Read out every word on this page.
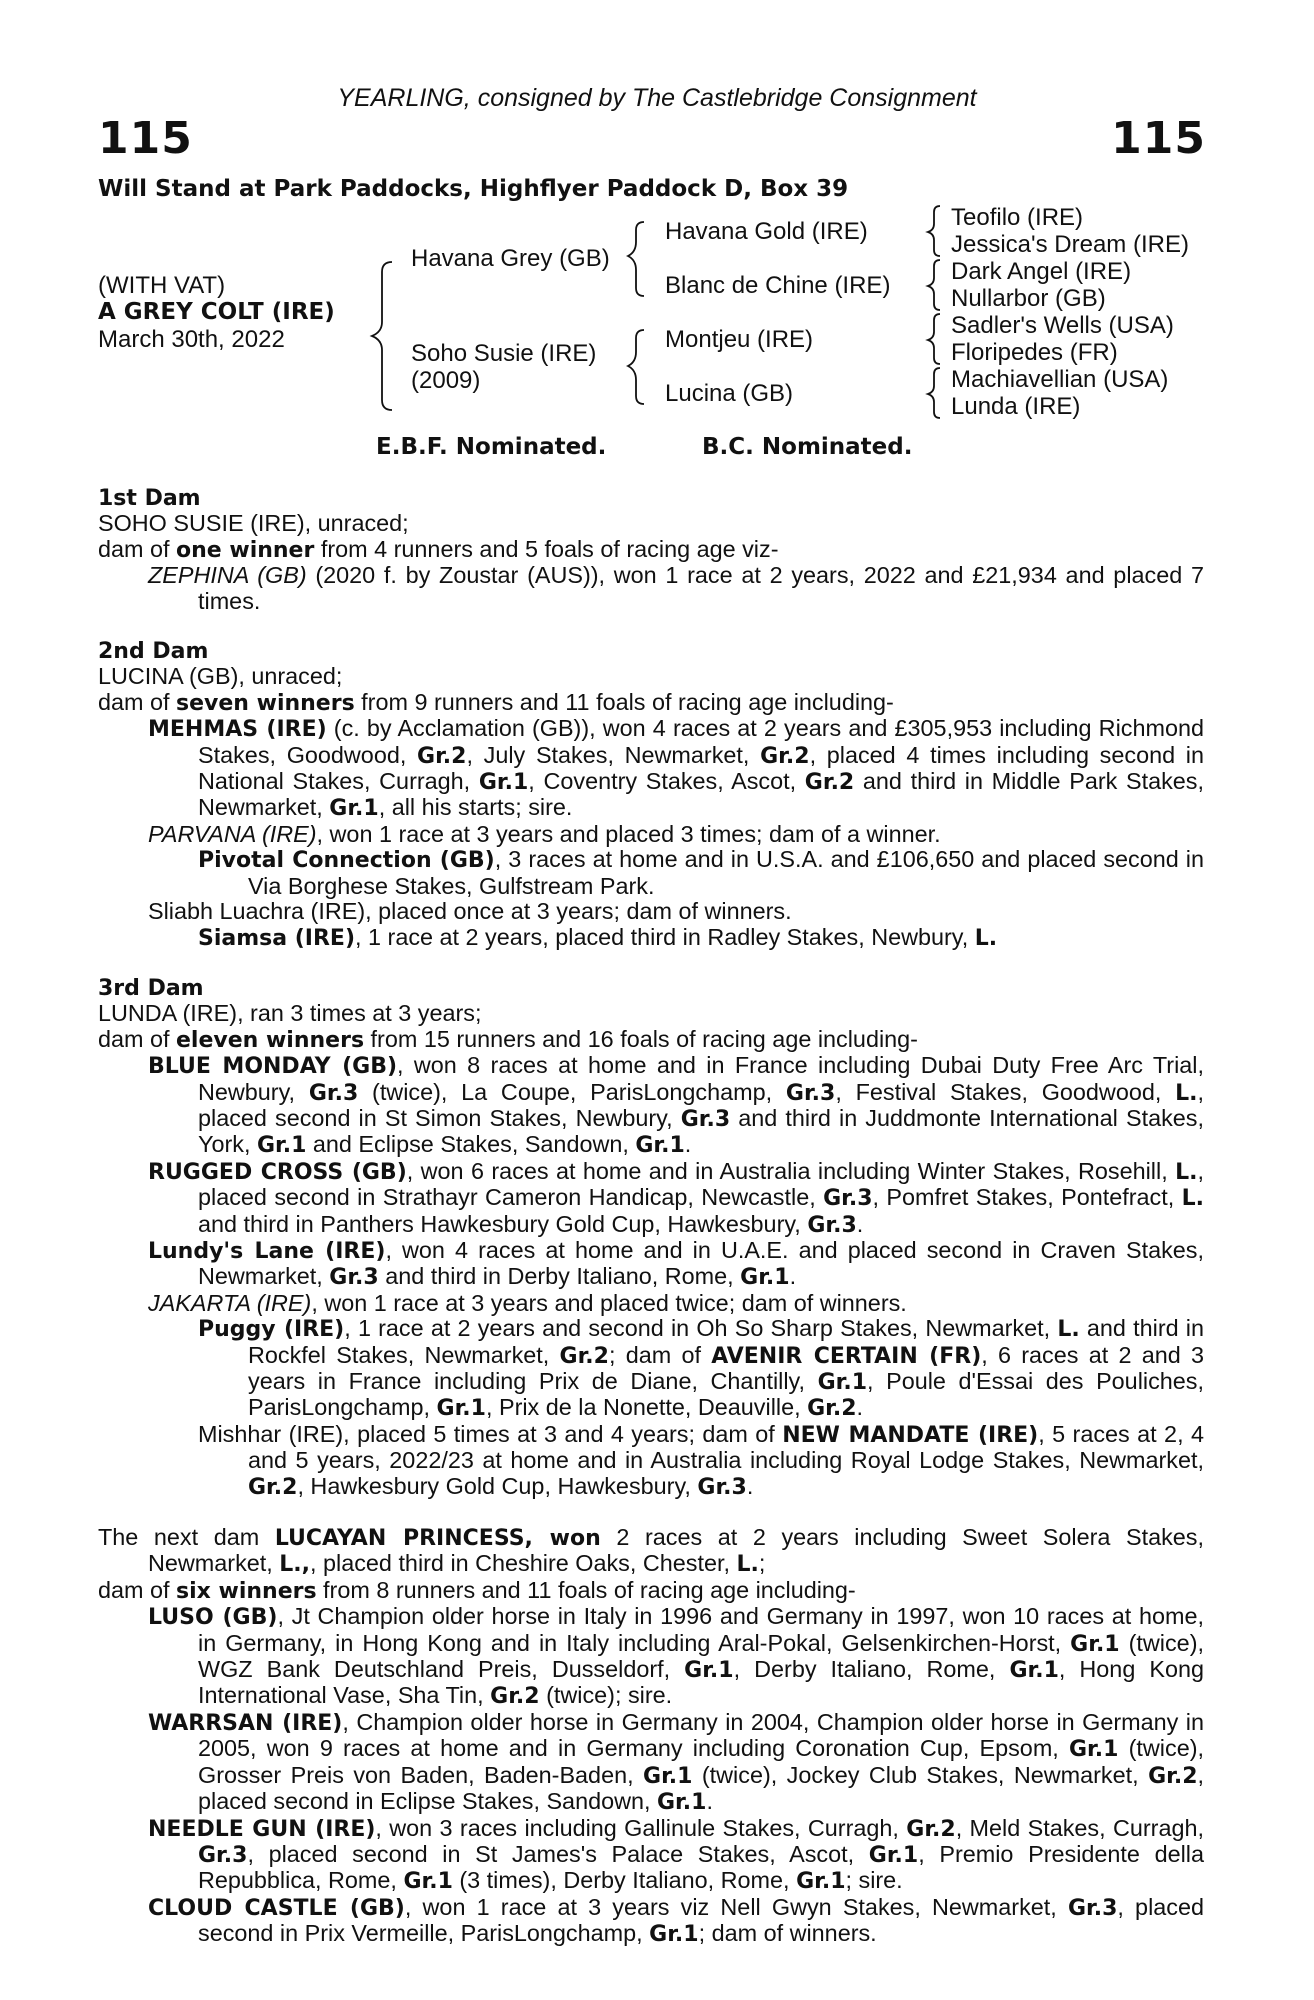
YEARLING, consigned by The Castlebridge Consignment
115	115
Will Stand at Park Paddocks, Highflyer Paddock D, Box 39
(WITH VAT)
A GREY COLT (IRE)
March 30th, 2022
Havana Grey (GB)
Soho Susie (IRE)
(2009)
Havana Gold (IRE)
Blanc de Chine (IRE)
Montjeu (IRE)
Lucina (GB)
Teofilo (IRE)
Jessica's Dream (IRE)
Dark Angel (IRE)
Nullarbor (GB)
Sadler's Wells (USA)
Floripedes (FR)
Machiavellian (USA)
Lunda (IRE)
E.B.F. Nominated.	B.C. Nominated.
1st Dam
SOHO SUSIE (IRE), unraced;
dam of one winner from 4 runners and 5 foals of racing age viz-
ZEPHINA (GB) (2020 f. by Zoustar (AUS)), won 1 race at 2 years, 2022 and £21,934 and placed 7 times.
2nd Dam
LUCINA (GB), unraced;
dam of seven winners from 9 runners and 11 foals of racing age including-
MEHMAS (IRE) (c. by Acclamation (GB)), won 4 races at 2 years and £305,953 including Richmond Stakes, Goodwood, Gr.2, July Stakes, Newmarket, Gr.2, placed 4 times including second in National Stakes, Curragh, Gr.1, Coventry Stakes, Ascot, Gr.2 and third in Middle Park Stakes, Newmarket, Gr.1, all his starts; sire.
PARVANA (IRE), won 1 race at 3 years and placed 3 times; dam of a winner.
Pivotal Connection (GB), 3 races at home and in U.S.A. and £106,650 and placed second in Via Borghese Stakes, Gulfstream Park.
Sliabh Luachra (IRE), placed once at 3 years; dam of winners.
Siamsa (IRE), 1 race at 2 years, placed third in Radley Stakes, Newbury, L.
3rd Dam
LUNDA (IRE), ran 3 times at 3 years;
dam of eleven winners from 15 runners and 16 foals of racing age including-
BLUE MONDAY (GB), won 8 races at home and in France including Dubai Duty Free Arc Trial, Newbury, Gr.3 (twice), La Coupe, ParisLongchamp, Gr.3, Festival Stakes, Goodwood, L., placed second in St Simon Stakes, Newbury, Gr.3 and third in Juddmonte International Stakes, York, Gr.1 and Eclipse Stakes, Sandown, Gr.1.
RUGGED CROSS (GB), won 6 races at home and in Australia including Winter Stakes, Rosehill, L., placed second in Strathayr Cameron Handicap, Newcastle, Gr.3, Pomfret Stakes, Pontefract, L. and third in Panthers Hawkesbury Gold Cup, Hawkesbury, Gr.3.
Lundy's Lane (IRE), won 4 races at home and in U.A.E. and placed second in Craven Stakes, Newmarket, Gr.3 and third in Derby Italiano, Rome, Gr.1.
JAKARTA (IRE), won 1 race at 3 years and placed twice; dam of winners.
Puggy (IRE), 1 race at 2 years and second in Oh So Sharp Stakes, Newmarket, L. and third in Rockfel Stakes, Newmarket, Gr.2; dam of AVENIR CERTAIN (FR), 6 races at 2 and 3 years in France including Prix de Diane, Chantilly, Gr.1, Poule d'Essai des Pouliches, ParisLongchamp, Gr.1, Prix de la Nonette, Deauville, Gr.2.
Mishhar (IRE), placed 5 times at 3 and 4 years; dam of NEW MANDATE (IRE), 5 races at 2, 4 and 5 years, 2022/23 at home and in Australia including Royal Lodge Stakes, Newmarket, Gr.2, Hawkesbury Gold Cup, Hawkesbury, Gr.3.
The next dam LUCAYAN PRINCESS, won 2 races at 2 years including Sweet Solera Stakes, Newmarket, L.,, placed third in Cheshire Oaks, Chester, L.;
dam of six winners from 8 runners and 11 foals of racing age including-
LUSO (GB), Jt Champion older horse in Italy in 1996 and Germany in 1997, won 10 races at home, in Germany, in Hong Kong and in Italy including Aral-Pokal, Gelsenkirchen-Horst, Gr.1 (twice), WGZ Bank Deutschland Preis, Dusseldorf, Gr.1, Derby Italiano, Rome, Gr.1, Hong Kong International Vase, Sha Tin, Gr.2 (twice); sire.
WARRSAN (IRE), Champion older horse in Germany in 2004, Champion older horse in Germany in 2005, won 9 races at home and in Germany including Coronation Cup, Epsom, Gr.1 (twice), Grosser Preis von Baden, Baden-Baden, Gr.1 (twice), Jockey Club Stakes, Newmarket, Gr.2, placed second in Eclipse Stakes, Sandown, Gr.1.
NEEDLE GUN (IRE), won 3 races including Gallinule Stakes, Curragh, Gr.2, Meld Stakes, Curragh, Gr.3, placed second in St James's Palace Stakes, Ascot, Gr.1, Premio Presidente della Repubblica, Rome, Gr.1 (3 times), Derby Italiano, Rome, Gr.1; sire.
CLOUD CASTLE (GB), won 1 race at 3 years viz Nell Gwyn Stakes, Newmarket, Gr.3, placed second in Prix Vermeille, ParisLongchamp, Gr.1; dam of winners.
